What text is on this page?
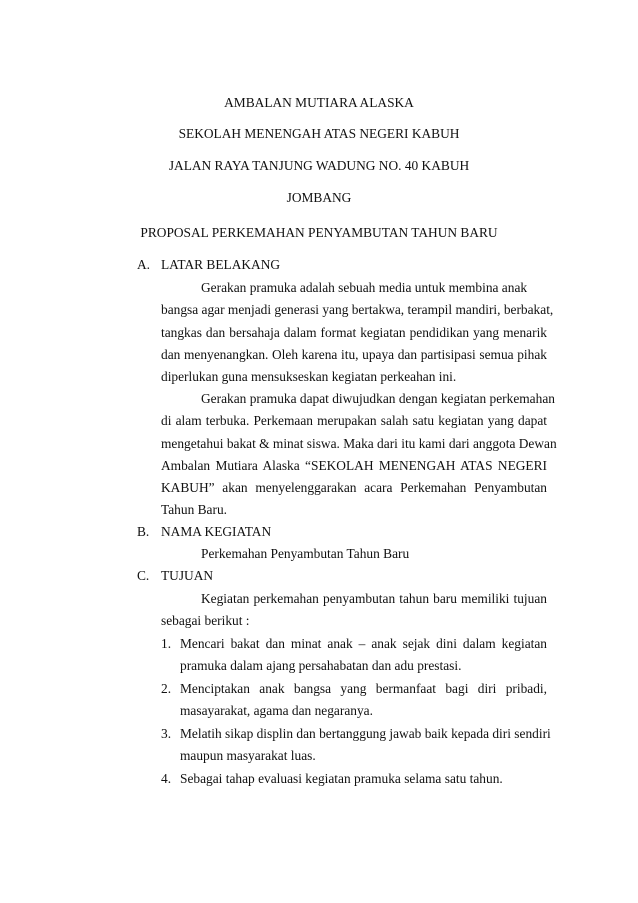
AMBALAN MUTIARA ALASKA
SEKOLAH MENENGAH ATAS NEGERI KABUH
JALAN RAYA TANJUNG WADUNG NO. 40 KABUH
JOMBANG
PROPOSAL PERKEMAHAN PENYAMBUTAN TAHUN BARU
A. LATAR BELAKANG
Gerakan pramuka adalah sebuah media untuk membina anak
bangsa agar menjadi generasi yang bertakwa, terampil mandiri, berbakat,
tangkas dan bersahaja dalam format kegiatan pendidikan yang menarik
dan menyenangkan. Oleh karena itu, upaya dan partisipasi semua pihak
diperlukan guna mensukseskan kegiatan perkeahan ini.
Gerakan pramuka dapat diwujudkan dengan kegiatan perkemahan
di alam terbuka. Perkemaan merupakan salah satu kegiatan yang dapat
mengetahui bakat & minat siswa. Maka dari itu kami dari anggota Dewan
Ambalan Mutiara Alaska “SEKOLAH MENENGAH ATAS NEGERI
KABUH” akan menyelenggarakan acara Perkemahan Penyambutan
Tahun Baru.
B. NAMA KEGIATAN
Perkemahan Penyambutan Tahun Baru
C. TUJUAN
Kegiatan perkemahan penyambutan tahun baru memiliki tujuan
sebagai berikut :
1. Mencari bakat dan minat anak – anak sejak dini dalam kegiatan
pramuka dalam ajang persahabatan dan adu prestasi.
2. Menciptakan anak bangsa yang bermanfaat bagi diri pribadi,
masayarakat, agama dan negaranya.
3. Melatih sikap displin dan bertanggung jawab baik kepada diri sendiri
maupun masyarakat luas.
4. Sebagai tahap evaluasi kegiatan pramuka selama satu tahun.
